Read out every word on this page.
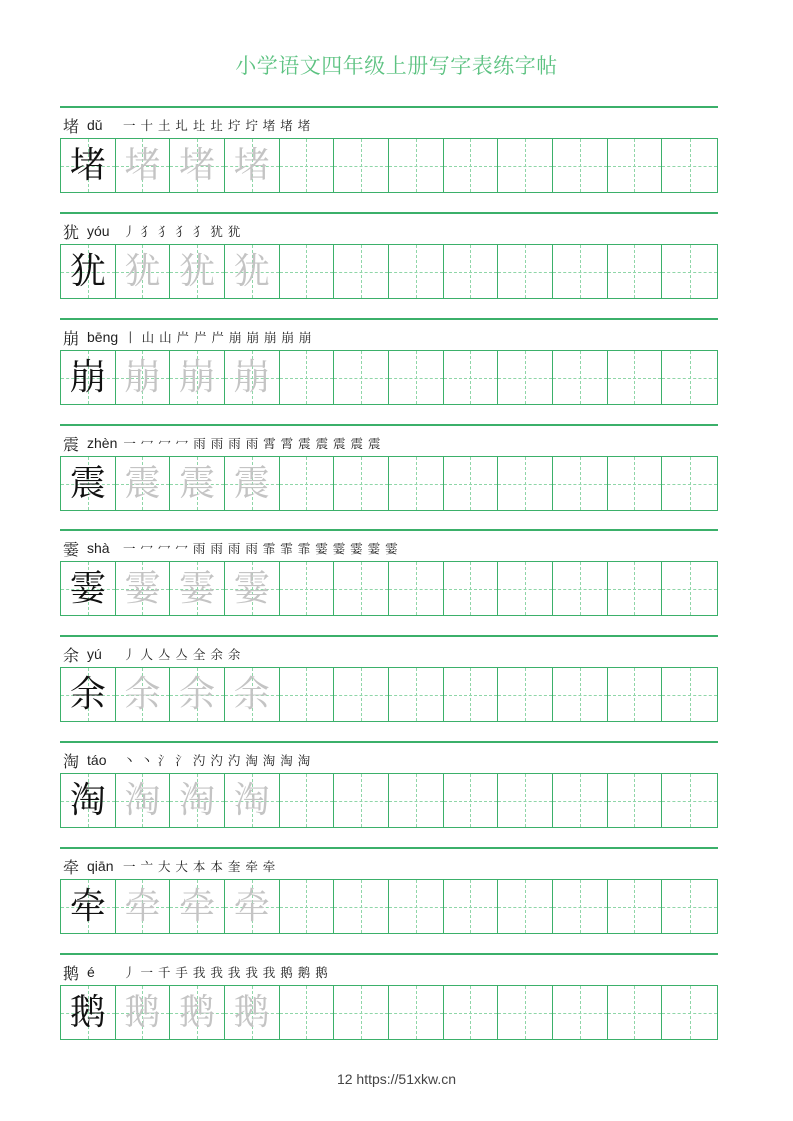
小学语文四年级上册写字表练字帖
堵 dǔ	一 十 土 圠 圵 圵 坾 坾 堵 堵 堵
堵 堵 堵 堵
犹 yóu	丿 犭 犭 犭 犭 犹 犹
犹 犹 犹 犹
崩 bēng 丨 山 山 屵 屵 屵 崩 崩 崩 崩 崩
崩 崩 崩 崩
震 zhèn 一 冖 冖 冖 雨 雨 雨 雨 霄 霄 震 震 震 震 震
震 震 震 震
霎 shà	一 冖 冖 冖 雨 雨 雨 雨 霏 霏 霏 霎 霎 霎 霎 霎
霎 霎 霎 霎
余 yú	丿 人 亼 亼 全 余 余
余 余 余 余
淘 táo	丶 丶 氵 氵 汋 汋 汋 淘 淘 淘 淘
淘 淘 淘 淘
牵 qiān 一 亠 大 大 本 本 奎 牵 牵
牵 牵 牵 牵
鹅 é	丿 一 千 手 我 我 我 我 我 鹅 鹅 鹅
鹅 鹅 鹅 鹅
12 https://51xkw.cn
